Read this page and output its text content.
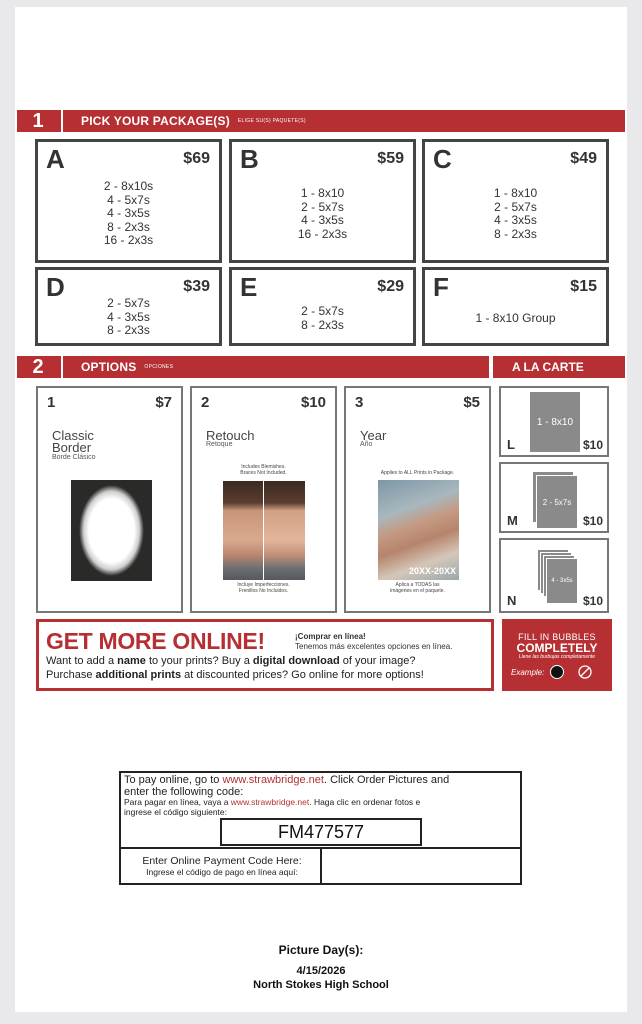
1	PICK YOUR PACKAGE(S) ELIGE SU(S) PAQUETE(S)
A	$69
2 - 8x10s
4 - 5x7s
4 - 3x5s
8 - 2x3s
16 - 2x3s
B	$59
1 - 8x10
2 - 5x7s
4 - 3x5s
16 - 2x3s
C	$49
1 - 8x10
2 - 5x7s
4 - 3x5s
8 - 2x3s
D	$39
2 - 5x7s
4 - 3x5s
8 - 2x3s
E	$29
2 - 5x7s
8 - 2x3s
F	$15
1 - 8x10 Group
2	OPTIONS OPCIONES	A LA CARTE
1	$7
Classic
Border
Borde Clásico
2	$10
Retouch
Retoque
Includes Blemishes.
Braces Not Included.
Incluye Imperfecciones.
Frenillos No Incluidos.
3	$5
Year
Año
Applies to ALL Prints in Package.
20XX-20XX
Aplica a TODAS las
imágenes en el paquete.
1 - 8x10
L	$10
2 - 5x7s
M	$10
4 - 3x5s
N	$10
GET MORE ONLINE!	¡Comprar en línea!
Tenemos más excelentes opciones en línea.
Want to add a name to your prints? Buy a digital download of your image?
Purchase additional prints at discounted prices? Go online for more options!
FILL IN BUBBLES
COMPLETELY
Llene las burbujas completamente
Example:
To pay online, go to www.strawbridge.net. Click Order Pictures and
enter the following code:
Para pagar en línea, vaya a www.strawbridge.net. Haga clic en ordenar fotos e
ingrese el código siguiente:
FM477577
Enter Online Payment Code Here:
Ingrese el código de pago en línea aquí:
Picture Day(s):
4/15/2026
North Stokes High School
